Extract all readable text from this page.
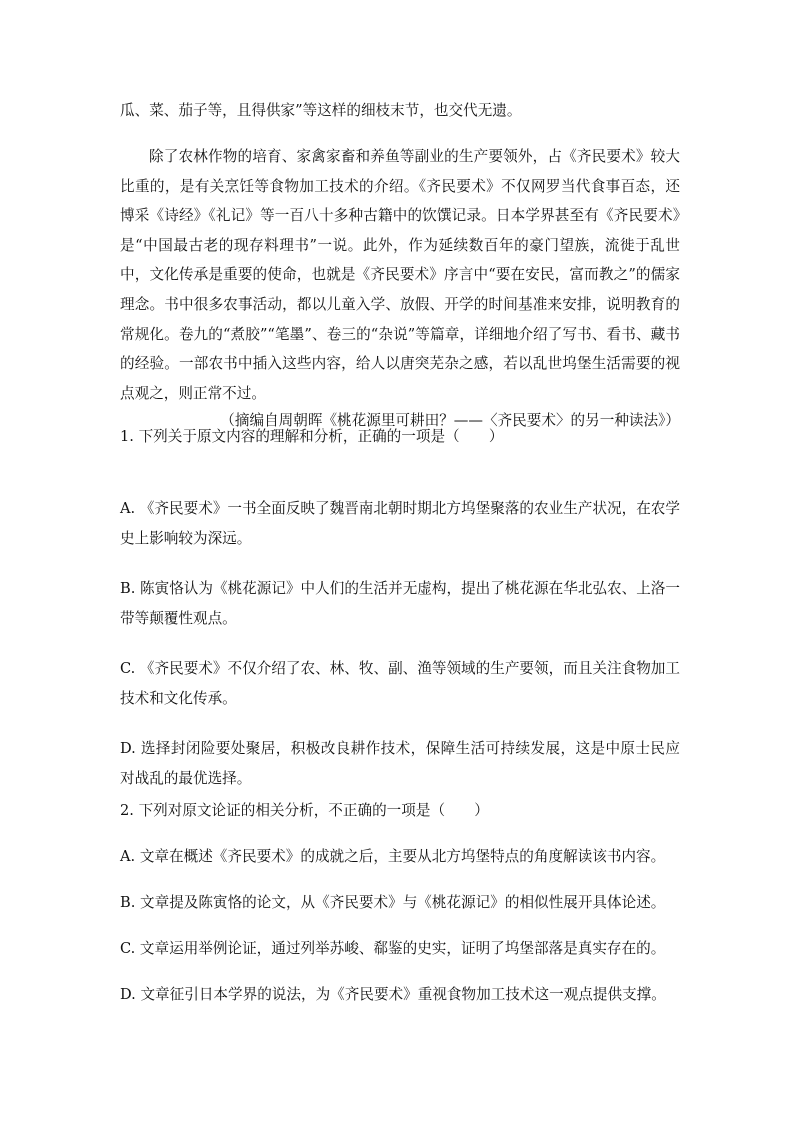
瓜、菜、茄子等，且得供家”等这样的细枝末节，也交代无遗。
除了农林作物的培育、家禽家畜和养鱼等副业的生产要领外，占《齐民要术》较大比重的，是有关烹饪等食物加工技术的介绍。《齐民要术》不仅网罗当代食事百态，还博采《诗经》《礼记》等一百八十多种古籍中的饮馔记录。日本学界甚至有《齐民要术》是“中国最古老的现存料理书”一说。此外，作为延续数百年的豪门望族，流徙于乱世中，文化传承是重要的使命，也就是《齐民要术》序言中“要在安民，富而教之”的儒家理念。书中很多农事活动，都以儿童入学、放假、开学的时间基准来安排，说明教育的常规化。卷九的“煮胶”“笔墨”、卷三的“杂说”等篇章，详细地介绍了写书、看书、藏书的经验。一部农书中插入这些内容，给人以唐突芜杂之感，若以乱世坞堡生活需要的视点观之，则正常不过。
（摘编自周朝晖《桃花源里可耕田？——〈齐民要术〉的另一种读法》）
1. 下列关于原文内容的理解和分析，正确的一项是（　　）
A. 《齐民要术》一书全面反映了魏晋南北朝时期北方坞堡聚落的农业生产状况，在农学史上影响较为深远。
B. 陈寅恪认为《桃花源记》中人们的生活并无虚构，提出了桃花源在华北弘农、上洛一带等颠覆性观点。
C. 《齐民要术》不仅介绍了农、林、牧、副、渔等领域的生产要领，而且关注食物加工技术和文化传承。
D. 选择封闭险要处聚居，积极改良耕作技术，保障生活可持续发展，这是中原士民应对战乱的最优选择。
2. 下列对原文论证的相关分析，不正确的一项是（　　）
A. 文章在概述《齐民要术》的成就之后，主要从北方坞堡特点的角度解读该书内容。
B. 文章提及陈寅恪的论文，从《齐民要术》与《桃花源记》的相似性展开具体论述。
C. 文章运用举例论证，通过列举苏峻、郗鉴的史实，证明了坞堡部落是真实存在的。
D. 文章征引日本学界的说法，为《齐民要术》重视食物加工技术这一观点提供支撑。
